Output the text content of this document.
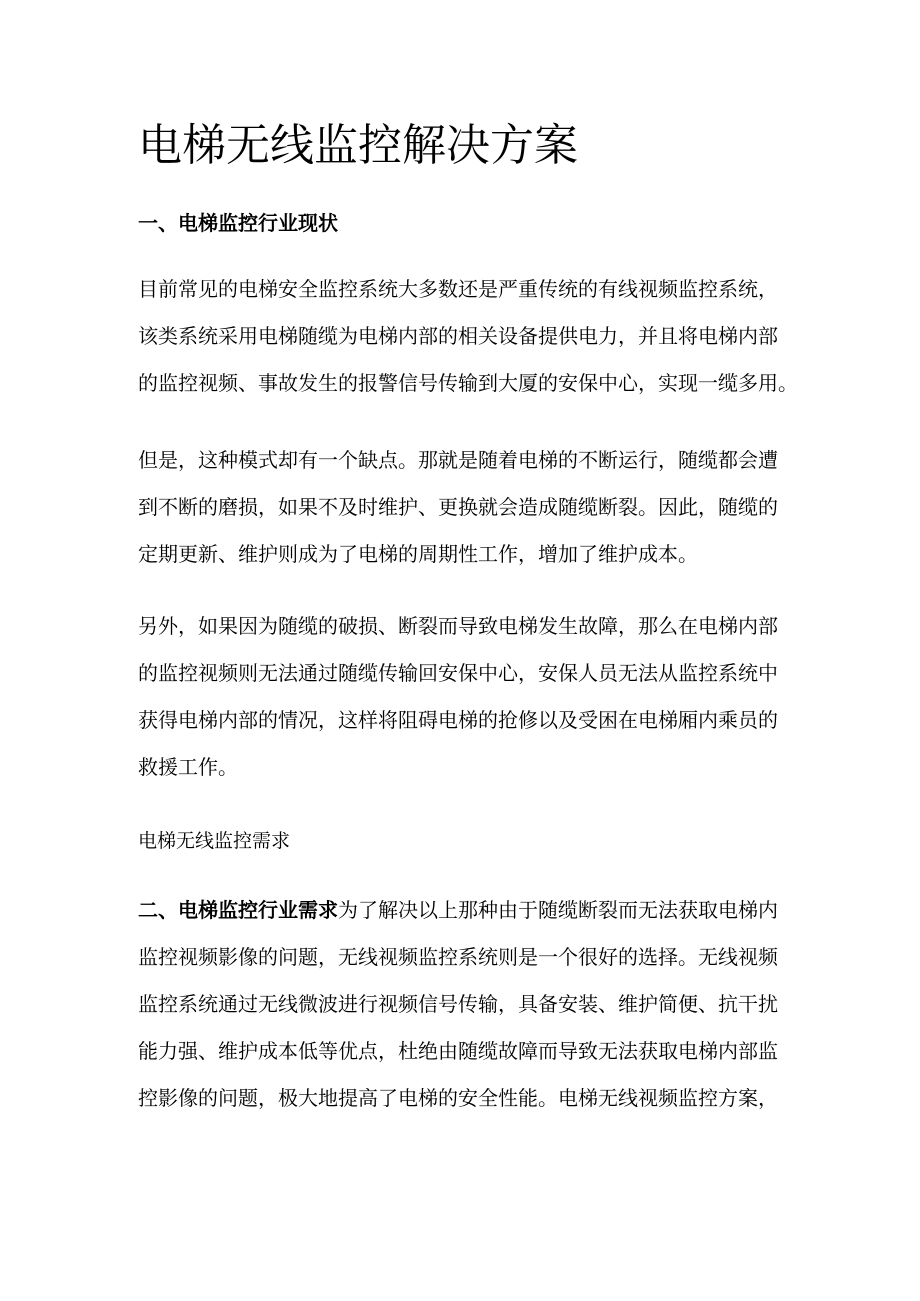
电梯无线监控解决方案
一、电梯监控行业现状
目前常见的电梯安全监控系统大多数还是严重传统的有线视频监控系统，
该类系统采用电梯随缆为电梯内部的相关设备提供电力，并且将电梯内部
的监控视频、事故发生的报警信号传输到大厦的安保中心，实现一缆多用。
但是，这种模式却有一个缺点。那就是随着电梯的不断运行，随缆都会遭
到不断的磨损，如果不及时维护、更换就会造成随缆断裂。因此，随缆的
定期更新、维护则成为了电梯的周期性工作，增加了维护成本。
另外，如果因为随缆的破损、断裂而导致电梯发生故障，那么在电梯内部
的监控视频则无法通过随缆传输回安保中心，安保人员无法从监控系统中
获得电梯内部的情况，这样将阻碍电梯的抢修以及受困在电梯厢内乘员的
救援工作。

电梯无线监控需求

二、电梯监控行业需求为了解决以上那种由于随缆断裂而无法获取电梯内
监控视频影像的问题，无线视频监控系统则是一个很好的选择。无线视频
监控系统通过无线微波进行视频信号传输，具备安装、维护简便、抗干扰
能力强、维护成本低等优点，杜绝由随缆故障而导致无法获取电梯内部监
控影像的问题，极大地提高了电梯的安全性能。电梯无线视频监控方案，
